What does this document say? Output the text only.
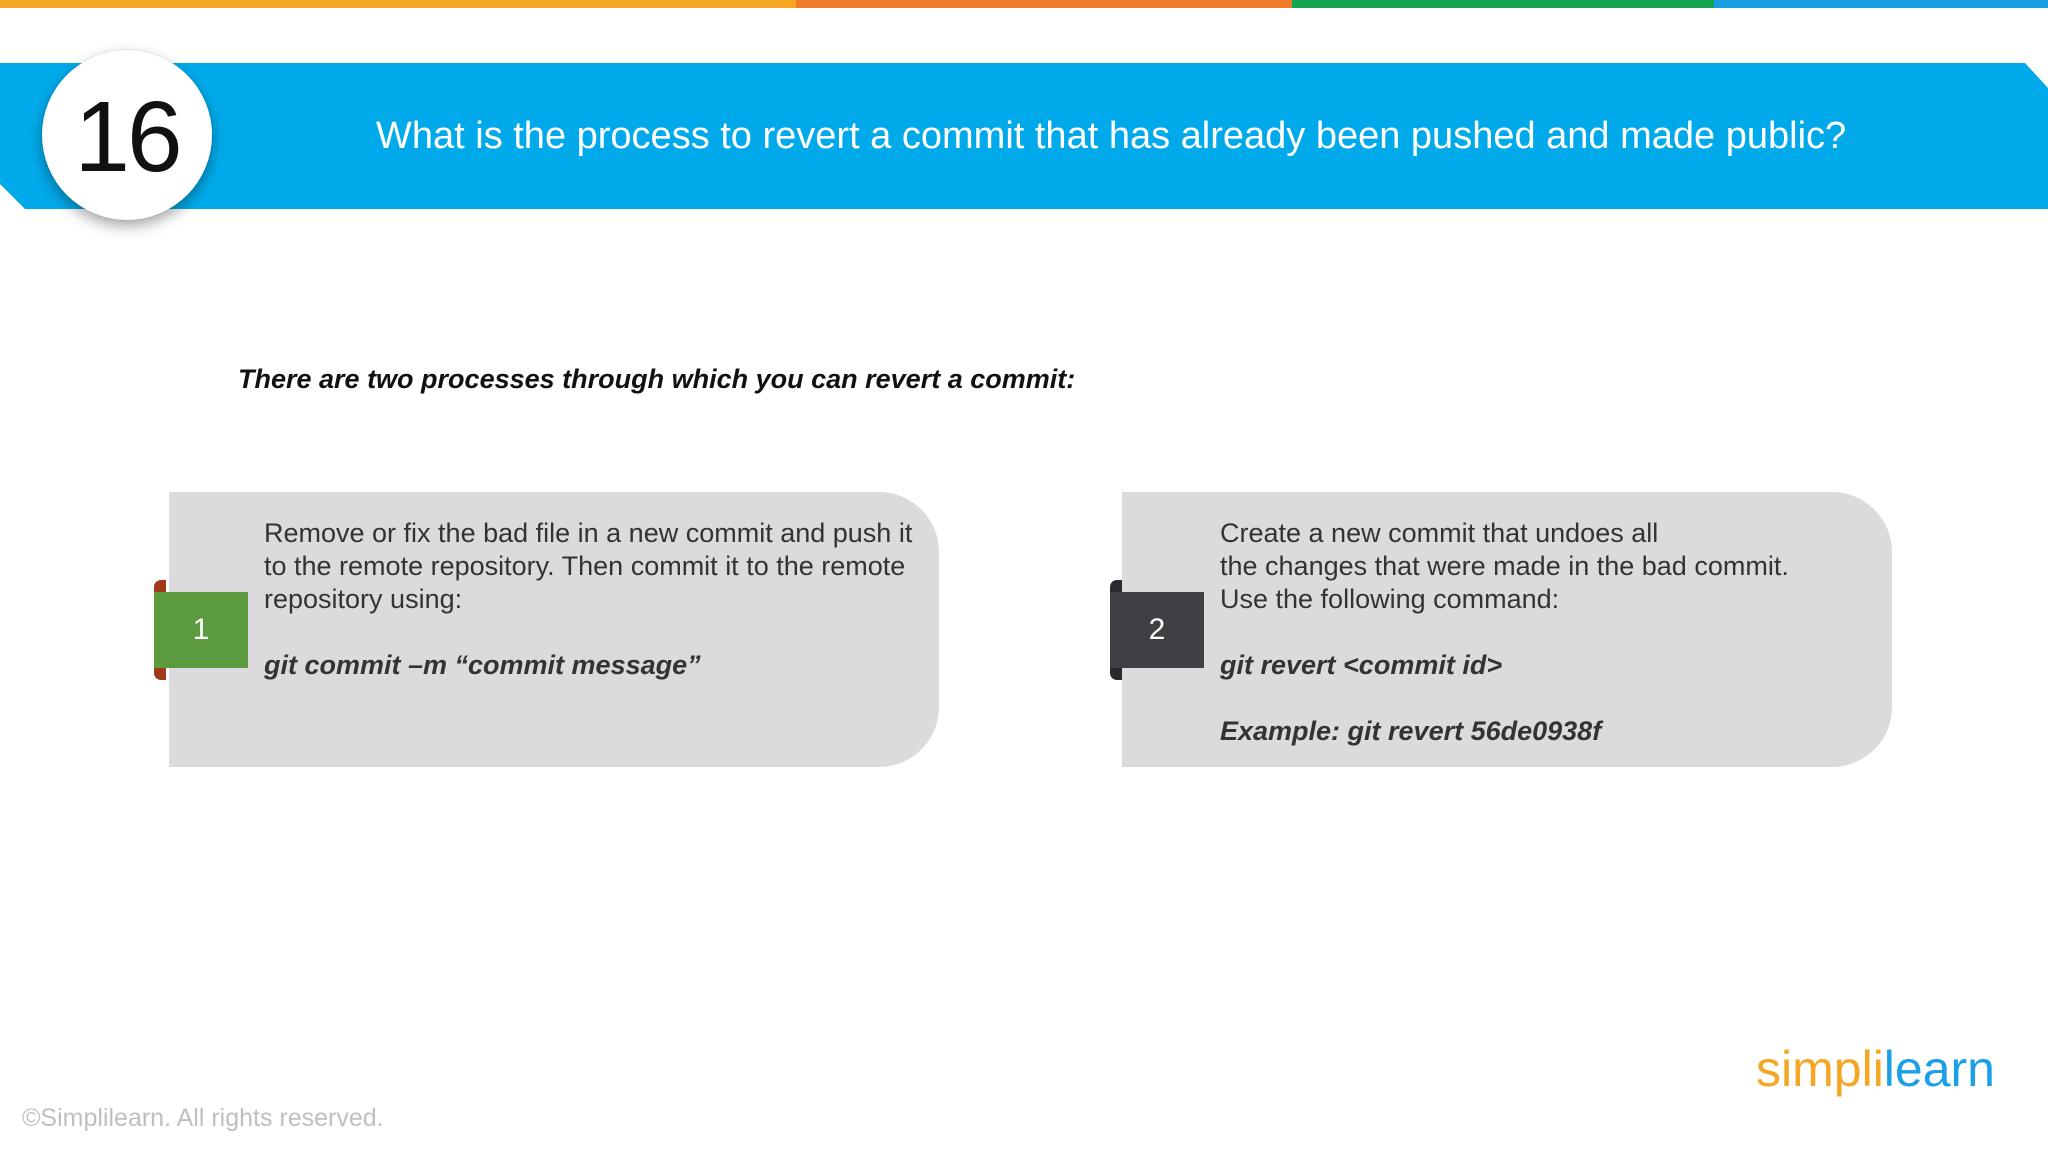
What is the process to revert a commit that has already been pushed and made public?
16
There are two processes through which you can revert a commit:
1

Remove or fix the bad file in a new commit and push it

to the remote repository. Then commit it to the remote

repository using:

git commit –m “commit message”

2

Create a new commit that undoes all

the changes that were made in the bad commit.

Use the following command:

git revert <commit id>

Example: git revert 56de0938f

©Simplilearn. All rights reserved.
simplilearn
